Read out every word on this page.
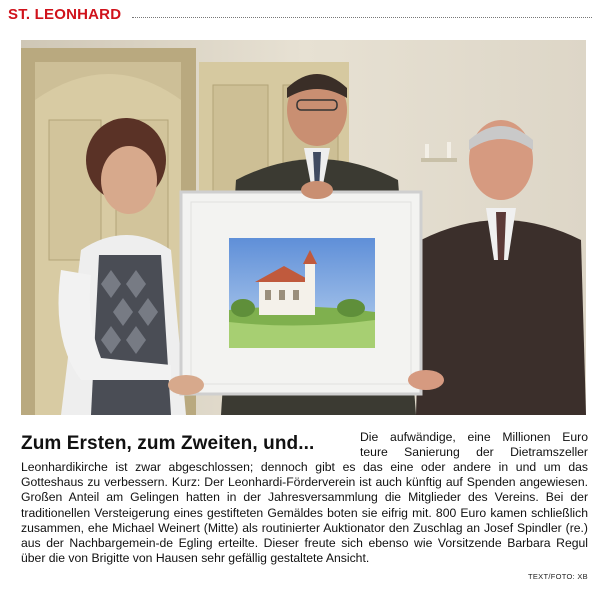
ST. LEONHARD
Zum Ersten, zum Zweiten, und...	Die aufwändige, eine Millionen Euro
teure Sanierung der Dietramszeller
Leonhardikirche ist zwar abgeschlossen; dennoch gibt es das eine oder andere in und um das Gotteshaus zu verbessern. Kurz: Der Leonhardi-Förderverein ist auch künftig auf Spenden angewiesen. Großen Anteil am Gelingen hatten in der Jahresversammlung die Mitglieder des Vereins. Bei der traditionellen Versteigerung eines gestifteten Gemäldes boten sie eifrig mit. 800 Euro kamen schließlich zusammen, ehe Michael Weinert (Mitte) als routinierter Auktionator den Zuschlag an Josef Spindler (re.) aus der Nachbargemein-de Egling erteilte. Dieser freute sich ebenso wie Vorsitzende Barbara Regul über die von Brigitte von Hausen sehr gefällig gestaltete Ansicht.
TEXT/FOTO: XB
